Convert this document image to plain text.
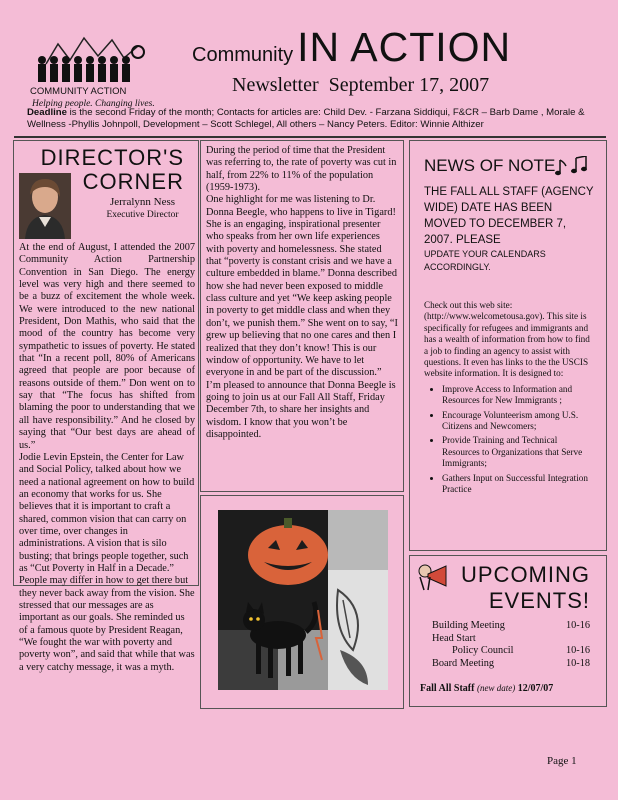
COMMUNITY ACTION
Helping people. Changing lives.
Community IN ACTION
Newsletter  September 17, 2007
Deadline is the second Friday of the month; Contacts for articles are: Child Dev. - Farzana Siddiqui, F&CR – Barb Dame , Morale & Wellness -Phyllis Johnpoll, Development – Scott Schlegel, All others – Nancy Peters. Editor: Winnie Althizer
DIRECTOR'S
CORNER
Jerralynn Ness
Executive Director

At the end of August, I attended the 2007 Community Action Partnership Convention in San Diego. The energy level was very high and there seemed to be a buzz of excitement the whole week. We were introduced to the new national President, Don Mathis, who said that the mood of the country has become very sympathetic to issues of poverty. He stated that “In a recent poll, 80% of Americans agreed that people are poor because of reasons outside of them.” Don went on to say that “The focus has shifted from blaming the poor to understanding that we all have responsibility.” And he closed by saying that “Our best days are ahead of us.”

Jodie Levin Epstein, the Center for Law and Social Policy, talked about how we need a national agreement on how to build an economy that works for us. She believes that it is important to craft a shared, common vision that can carry on over time, over changes in administrations. A vision that is silo busting; that brings people together, such as “Cut Poverty in Half in a Decade.” People may differ in how to get there but they never back away from the vision. She stressed that our messages are as important as our goals. She reminded us of a famous quote by President Reagan, “We fought the war with poverty and poverty won”, and said that while that was a very catchy message, it was a myth.

During the period of time that the President was referring to, the rate of poverty was cut in half, from 22% to 11% of the population (1959-1973).

One highlight for me was listening to Dr. Donna Beegle, who happens to live in Tigard! She is an engaging, inspirational presenter who speaks from her own life experiences with poverty and homelessness. She stated that “poverty is constant crisis and we have a culture embedded in blame.” Donna described how she had never been exposed to middle class culture and yet “We keep asking people in poverty to get middle class and when they don’t, we punish them.” She went on to say, “I grew up believing that no one cares and then I realized that they don’t know! This is our window of opportunity. We have to let everyone in and be part of the discussion.”

I’m pleased to announce that Donna Beegle is going to join us at our Fall All Staff, Friday December 7th, to share her insights and wisdom. I know that you won’t be disappointed.

NEWS OF NOTE
THE FALL ALL STAFF (AGENCY WIDE) DATE HAS BEEN MOVED TO DECEMBER 7, 2007. PLEASE
UPDATE YOUR CALENDARS ACCORDINGLY.
Check out this web site: (http://www.welcometousa.gov). This site is specifically for refugees and immigrants and has a wealth of information from how to find a job to finding an agency to assist with questions. It even has links to the the USCIS website information. It is designed to:
• Improve Access to Information and Resources for New Immigrants ;
• Encourage Volunteerism among U.S. Citizens and Newcomers;
• Provide Training and Technical Resources to Organizations that Serve Immigrants;
• Gathers Input on Successful Integration Practice
UPCOMING
EVENTS!
Building Meeting	10-16
Head Start
Policy Council	10-16
Board Meeting	10-18
Fall All Staff (new date) 12/07/07
Page 1
